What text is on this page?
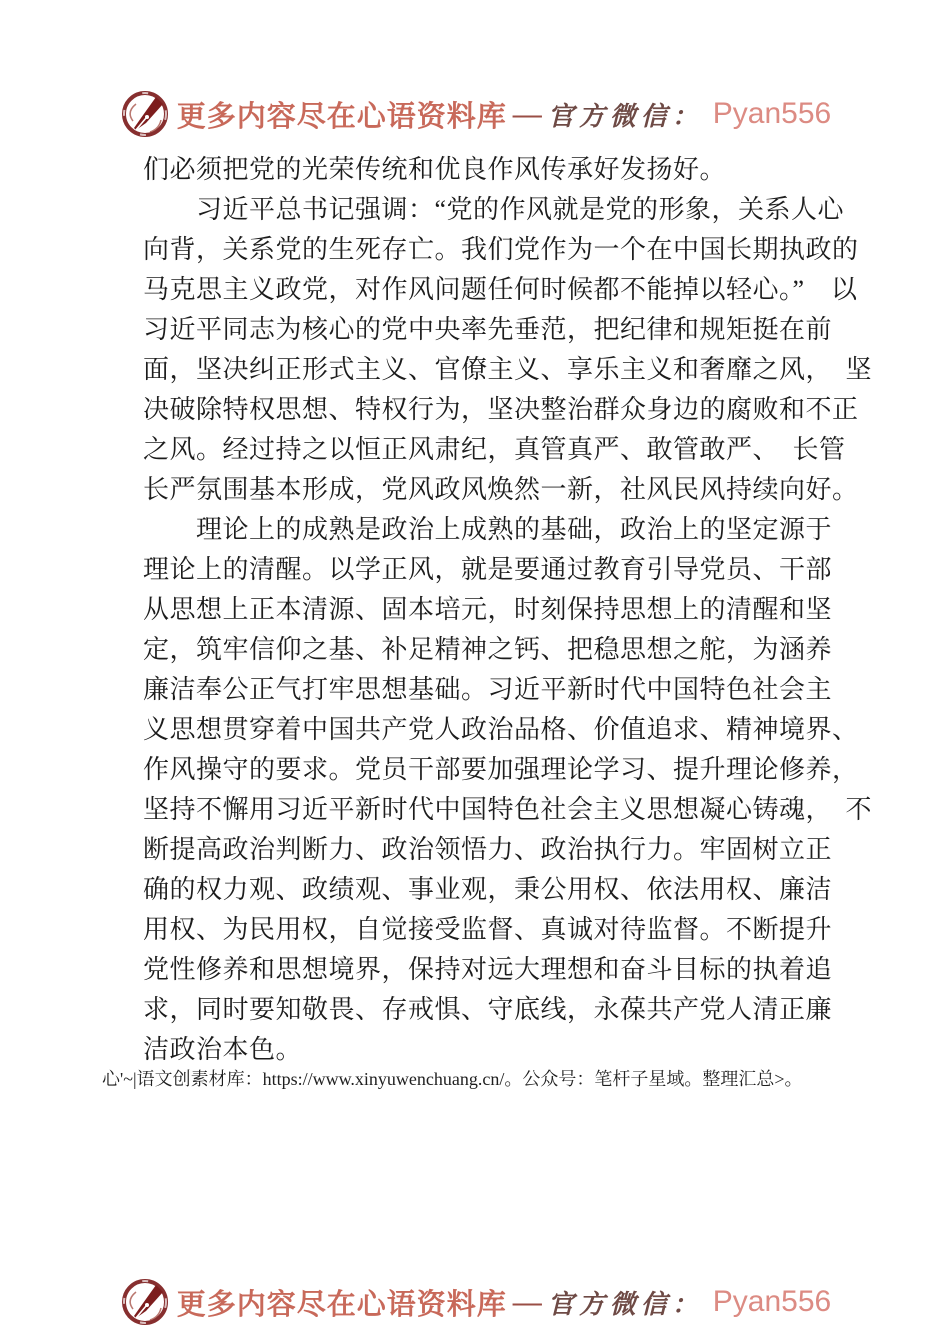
更多内容尽在心语资料库 — 官方微信： Pyan556
们必须把党的光荣传统和优良作风传承好发扬好。
习近平总书记强调：“党的作风就是党的形象，关系人心
向背，关系党的生死存亡。我们党作为一个在中国长期执政的
马克思主义政党，对作风问题任何时候都不能掉以轻心。”　以
习近平同志为核心的党中央率先垂范，把纪律和规矩挺在前
面，坚决纠正形式主义、官僚主义、享乐主义和奢靡之风，　坚
决破除特权思想、特权行为，坚决整治群众身边的腐败和不正
之风。经过持之以恒正风肃纪，真管真严、敢管敢严、　长管
长严氛围基本形成，党风政风焕然一新，社风民风持续向好。
理论上的成熟是政治上成熟的基础，政治上的坚定源于
理论上的清醒。以学正风，就是要通过教育引导党员、干部
从思想上正本清源、固本培元，时刻保持思想上的清醒和坚
定，筑牢信仰之基、补足精神之钙、把稳思想之舵，为涵养
廉洁奉公正气打牢思想基础。习近平新时代中国特色社会主
义思想贯穿着中国共产党人政治品格、价值追求、精神境界、
作风操守的要求。党员干部要加强理论学习、提升理论修养，
坚持不懈用习近平新时代中国特色社会主义思想凝心铸魂，　不
断提高政治判断力、政治领悟力、政治执行力。牢固树立正
确的权力观、政绩观、事业观，秉公用权、依法用权、廉洁
用权、为民用权，自觉接受监督、真诚对待监督。不断提升
党性修养和思想境界，保持对远大理想和奋斗目标的执着追
求，同时要知敬畏、存戒惧、守底线，永葆共产党人清正廉
洁政治本色。
心'~|语文创素材库：https://www.xinyuwenchuang.cn/。公众号：笔杆子星域。整理汇总>。
更多内容尽在心语资料库 — 官方微信： Pyan556
